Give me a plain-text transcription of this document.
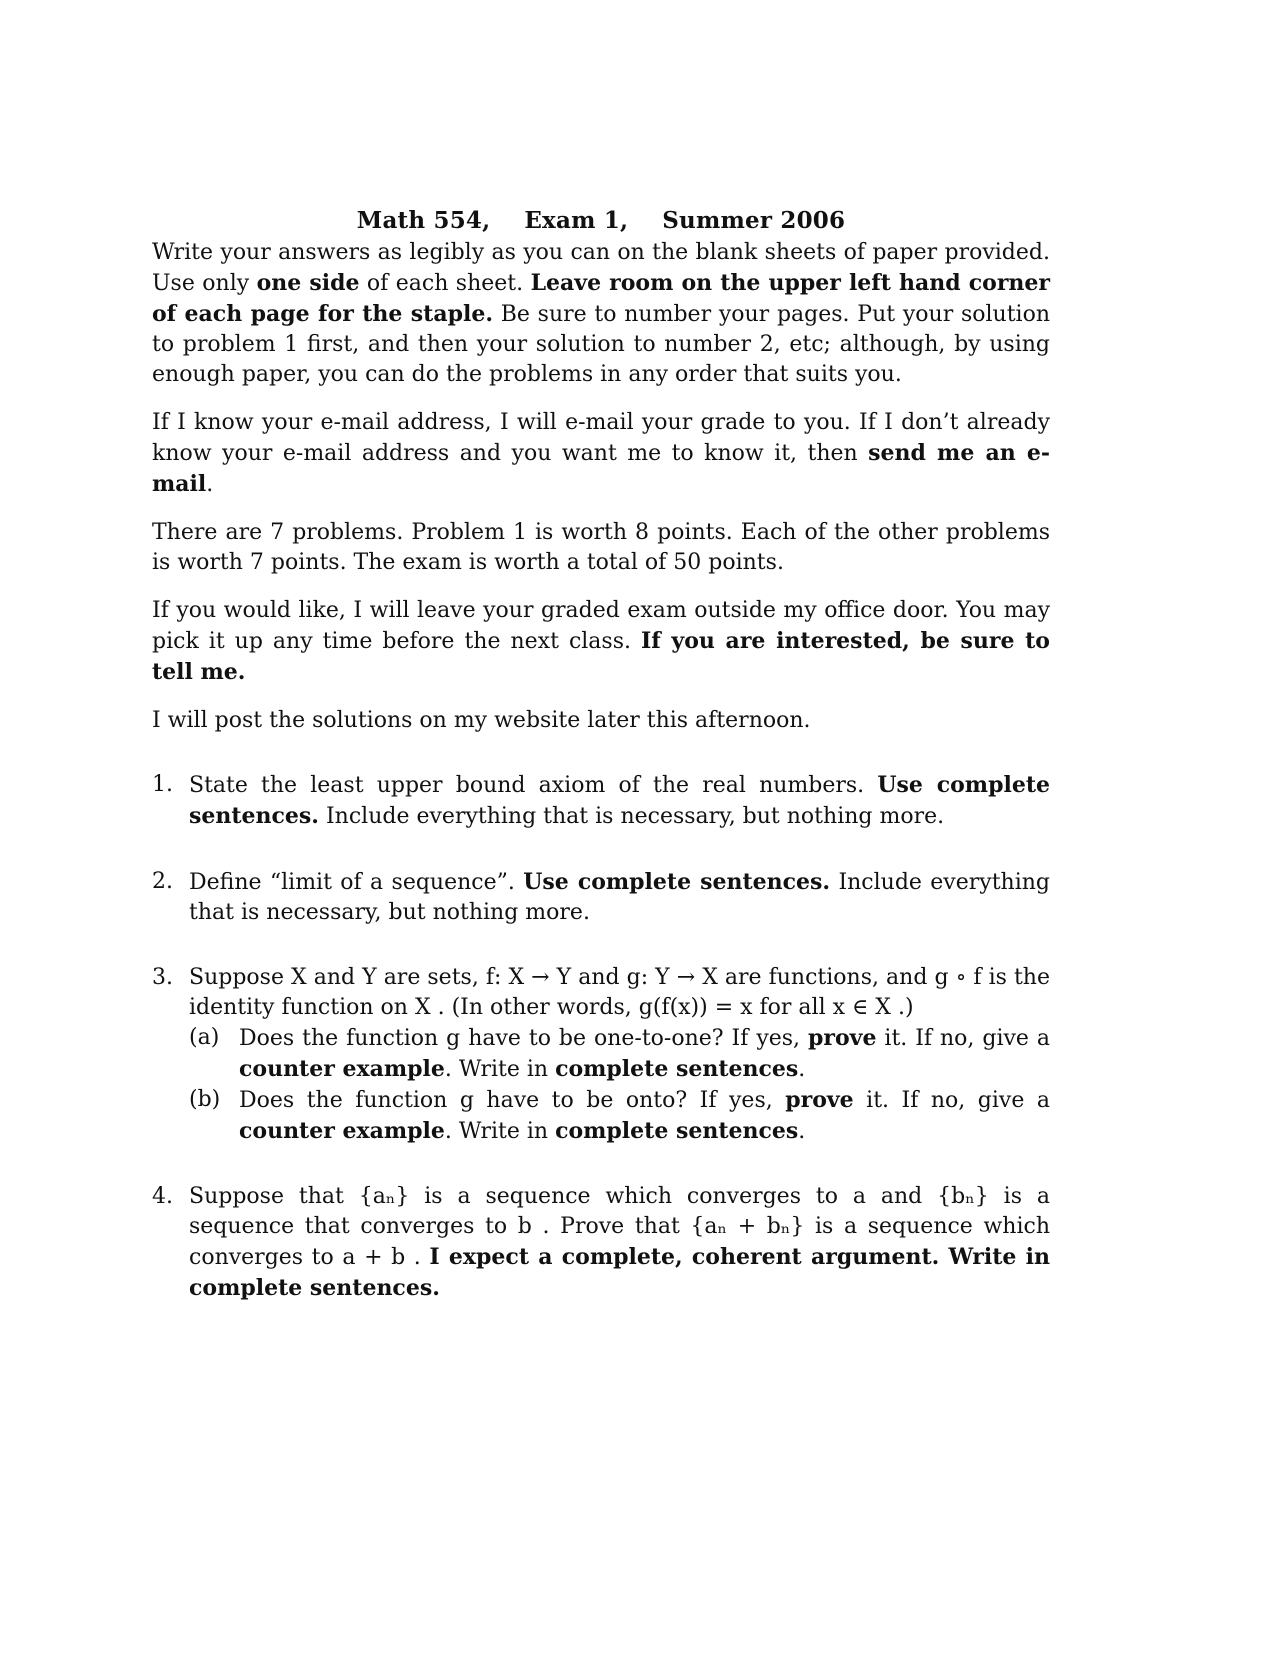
Math 554, Exam 1, Summer 2006

Write your answers as legibly as you can on the blank sheets of paper provided. Use only one side of each sheet. Leave room on the upper left hand corner of each page for the staple. Be sure to number your pages. Put your solution to problem 1 first, and then your solution to number 2, etc; although, by using enough paper, you can do the problems in any order that suits you.

If I know your e-mail address, I will e-mail your grade to you. If I don’t already know your e-mail address and you want me to know it, then send me an e-mail.

There are 7 problems. Problem 1 is worth 8 points. Each of the other problems is worth 7 points. The exam is worth a total of 50 points.

If you would like, I will leave your graded exam outside my office door. You may pick it up any time before the next class. If you are interested, be sure to tell me.

I will post the solutions on my website later this afternoon.

1. State the least upper bound axiom of the real numbers. Use complete sentences. Include everything that is necessary, but nothing more.
2. Define “limit of a sequence”. Use complete sentences. Include everything that is necessary, but nothing more.
3. Suppose X and Y are sets, f: X → Y and g: Y → X are functions, and g ∘ f is the identity function on X . (In other words, g(f(x)) = x for all x ∈ X .)
(a) Does the function g have to be one-to-one? If yes, prove it. If no, give a counter example. Write in complete sentences.
(b) Does the function g have to be onto? If yes, prove it. If no, give a counter example. Write in complete sentences.
4. Suppose that {aₙ} is a sequence which converges to a and {bₙ} is a sequence that converges to b . Prove that {aₙ + bₙ} is a sequence which converges to a + b . I expect a complete, coherent argument. Write in complete sentences.
